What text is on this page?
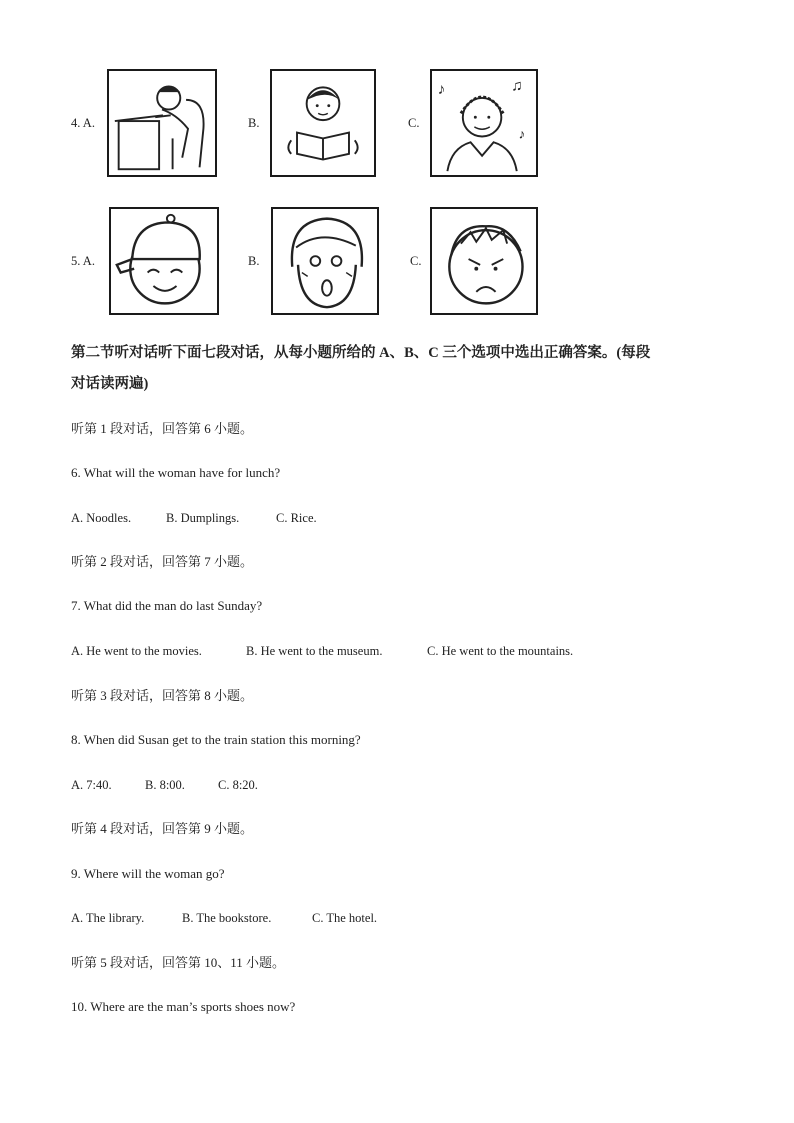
4. A.	B.	C.
♪	♫
♪
5. A.	B.	C.
第二节听对话听下面七段对话，从每小题所给的 A、B、C 三个选项中选出正确答案。(每段
对话读两遍)
听第 1 段对话，回答第 6 小题。
6. What will the woman have for lunch?
A. Noodles.	B. Dumplings.	C. Rice.
听第 2 段对话，回答第 7 小题。
7. What did the man do last Sunday?
A. He went to the movies.	B. He went to the museum.	C. He went to the mountains.
听第 3 段对话，回答第 8 小题。
8. When did Susan get to the train station this morning?
A. 7:40.	B. 8:00.	C. 8:20.
听第 4 段对话，回答第 9 小题。
9. Where will the woman go?
A. The library.	B. The bookstore.	C. The hotel.
听第 5 段对话，回答第 10、11 小题。
10. Where are the man’s sports shoes now?
